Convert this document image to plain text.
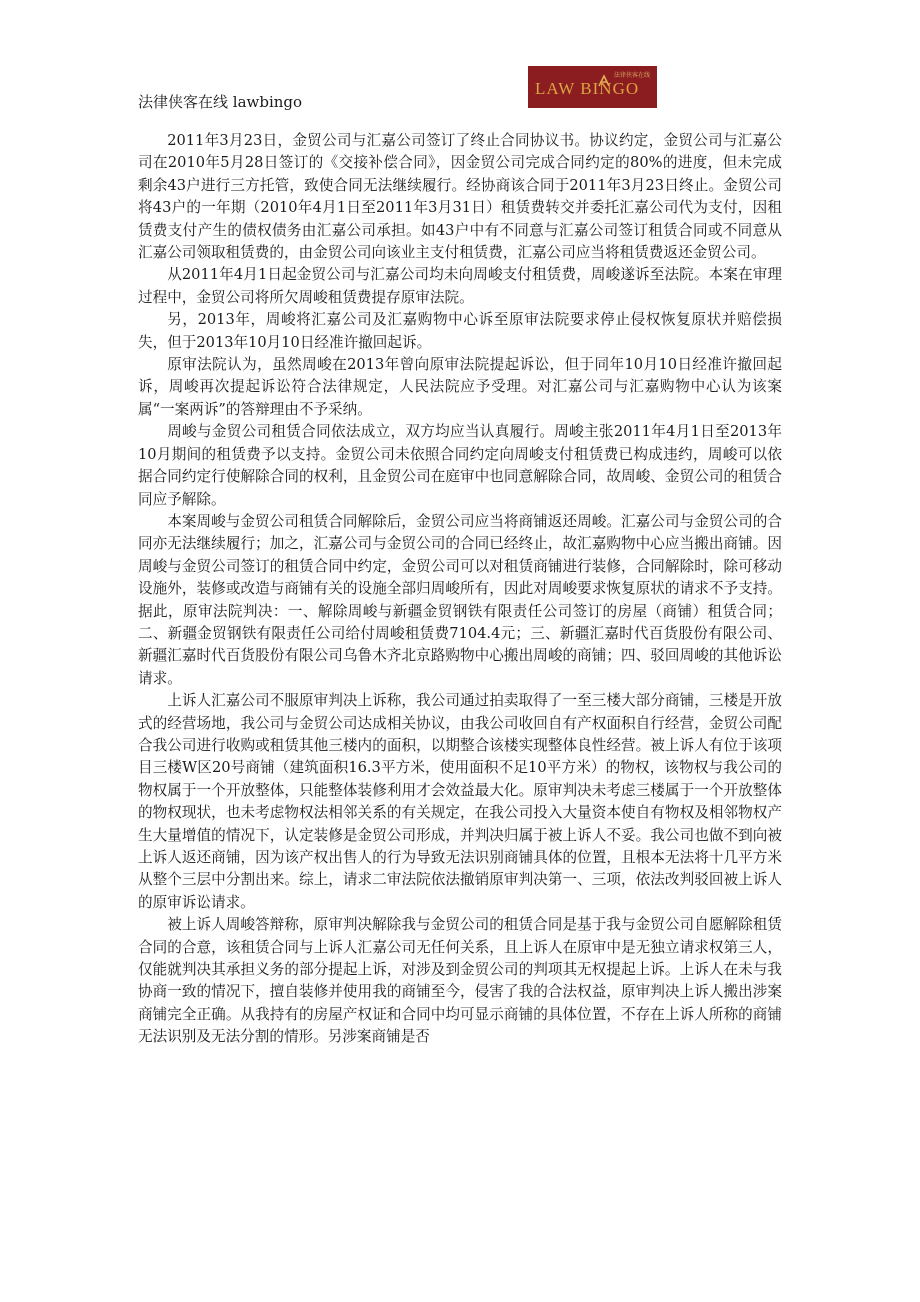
法律侠客在线 lawbingo
法律侠客在线
LAW BINGO

2011年3月23日，金贸公司与汇嘉公司签订了终止合同协议书。协议约定，金贸公司与汇嘉公司在2010年5月28日签订的《交接补偿合同》，因金贸公司完成合同约定的80%的进度，但未完成剩余43户进行三方托管，致使合同无法继续履行。经协商该合同于2011年3月23日终止。金贸公司将43户的一年期（2010年4月1日至2011年3月31日）租赁费转交并委托汇嘉公司代为支付，因租赁费支付产生的债权债务由汇嘉公司承担。如43户中有不同意与汇嘉公司签订租赁合同或不同意从汇嘉公司领取租赁费的，由金贸公司向该业主支付租赁费，汇嘉公司应当将租赁费返还金贸公司。

从2011年4月1日起金贸公司与汇嘉公司均未向周峻支付租赁费，周峻遂诉至法院。本案在审理过程中，金贸公司将所欠周峻租赁费提存原审法院。

另，2013年，周峻将汇嘉公司及汇嘉购物中心诉至原审法院要求停止侵权恢复原状并赔偿损失，但于2013年10月10日经准许撤回起诉。

原审法院认为，虽然周峻在2013年曾向原审法院提起诉讼，但于同年10月10日经准许撤回起诉，周峻再次提起诉讼符合法律规定，人民法院应予受理。对汇嘉公司与汇嘉购物中心认为该案属“一案两诉”的答辩理由不予采纳。

周峻与金贸公司租赁合同依法成立，双方均应当认真履行。周峻主张2011年4月1日至2013年10月期间的租赁费予以支持。金贸公司未依照合同约定向周峻支付租赁费已构成违约，周峻可以依据合同约定行使解除合同的权利，且金贸公司在庭审中也同意解除合同，故周峻、金贸公司的租赁合同应予解除。

本案周峻与金贸公司租赁合同解除后，金贸公司应当将商铺返还周峻。汇嘉公司与金贸公司的合同亦无法继续履行；加之，汇嘉公司与金贸公司的合同已经终止，故汇嘉购物中心应当搬出商铺。因周峻与金贸公司签订的租赁合同中约定，金贸公司可以对租赁商铺进行装修，合同解除时，除可移动设施外，装修或改造与商铺有关的设施全部归周峻所有，因此对周峻要求恢复原状的请求不予支持。据此，原审法院判决：一、解除周峻与新疆金贸钢铁有限责任公司签订的房屋（商铺）租赁合同；二、新疆金贸钢铁有限责任公司给付周峻租赁费7104.4元；三、新疆汇嘉时代百货股份有限公司、新疆汇嘉时代百货股份有限公司乌鲁木齐北京路购物中心搬出周峻的商铺；四、驳回周峻的其他诉讼请求。

上诉人汇嘉公司不服原审判决上诉称，我公司通过拍卖取得了一至三楼大部分商铺，三楼是开放式的经营场地，我公司与金贸公司达成相关协议，由我公司收回自有产权面积自行经营，金贸公司配合我公司进行收购或租赁其他三楼内的面积，以期整合该楼实现整体良性经营。被上诉人有位于该项目三楼W区20号商铺（建筑面积16.3平方米，使用面积不足10平方米）的物权，该物权与我公司的物权属于一个开放整体，只能整体装修利用才会效益最大化。原审判决未考虑三楼属于一个开放整体的物权现状，也未考虑物权法相邻关系的有关规定，在我公司投入大量资本使自有物权及相邻物权产生大量增值的情况下，认定装修是金贸公司形成，并判决归属于被上诉人不妥。我公司也做不到向被上诉人返还商铺，因为该产权出售人的行为导致无法识别商铺具体的位置，且根本无法将十几平方米从整个三层中分割出来。综上，请求二审法院依法撤销原审判决第一、三项，依法改判驳回被上诉人的原审诉讼请求。

被上诉人周峻答辩称，原审判决解除我与金贸公司的租赁合同是基于我与金贸公司自愿解除租赁合同的合意，该租赁合同与上诉人汇嘉公司无任何关系，且上诉人在原审中是无独立请求权第三人，仅能就判决其承担义务的部分提起上诉，对涉及到金贸公司的判项其无权提起上诉。上诉人在未与我协商一致的情况下，擅自装修并使用我的商铺至今，侵害了我的合法权益，原审判决上诉人搬出涉案商铺完全正确。从我持有的房屋产权证和合同中均可显示商铺的具体位置，不存在上诉人所称的商铺无法识别及无法分割的情形。另涉案商铺是否
